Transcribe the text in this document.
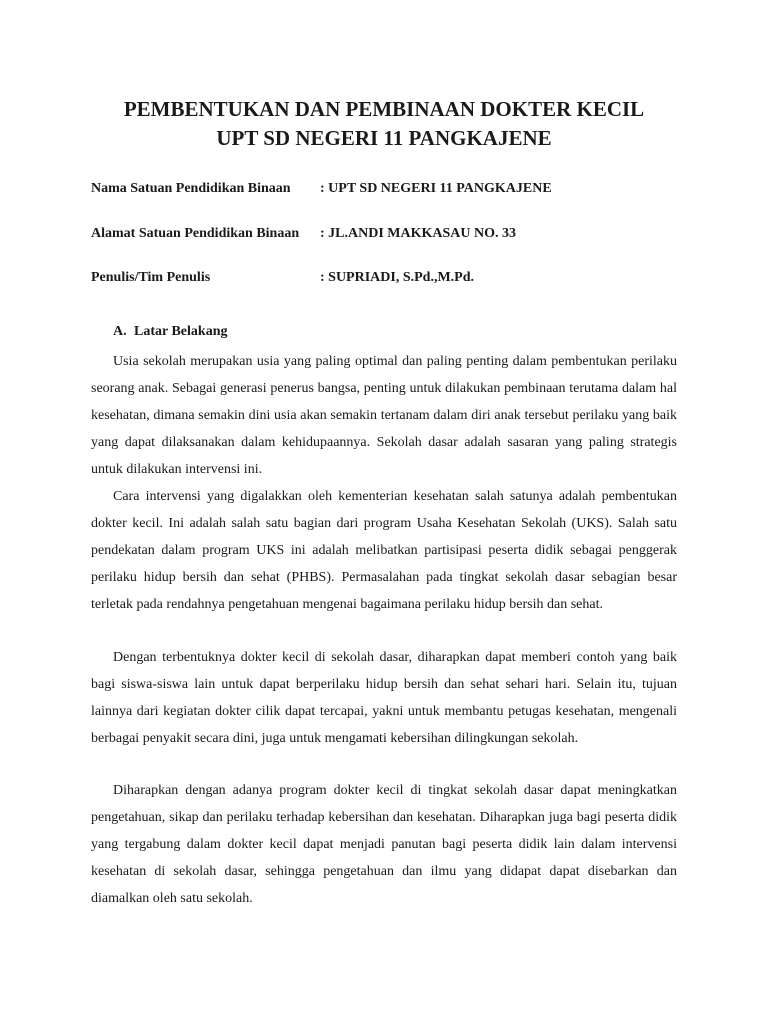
PEMBENTUKAN DAN PEMBINAAN DOKTER KECIL
UPT SD NEGERI 11 PANGKAJENE
Nama Satuan Pendidikan Binaan : UPT SD NEGERI 11 PANGKAJENE
Alamat Satuan Pendidikan Binaan : JL.ANDI MAKKASAU NO. 33
Penulis/Tim Penulis	: SUPRIADI, S.Pd.,M.Pd.
A. Latar Belakang

Usia sekolah merupakan usia yang paling optimal dan paling penting dalam pembentukan perilaku seorang anak. Sebagai generasi penerus bangsa, penting untuk dilakukan pembinaan terutama dalam hal kesehatan, dimana semakin dini usia akan semakin tertanam dalam diri anak tersebut perilaku yang baik yang dapat dilaksanakan dalam kehidupaannya. Sekolah dasar adalah sasaran yang paling strategis untuk dilakukan intervensi ini.

Cara intervensi yang digalakkan oleh kementerian kesehatan salah satunya adalah pembentukan dokter kecil. Ini adalah salah satu bagian dari program Usaha Kesehatan Sekolah (UKS). Salah satu pendekatan dalam program UKS ini adalah melibatkan partisipasi peserta didik sebagai penggerak perilaku hidup bersih dan sehat (PHBS). Permasalahan pada tingkat sekolah dasar sebagian besar terletak pada rendahnya pengetahuan mengenai bagaimana perilaku hidup bersih dan sehat.

Dengan terbentuknya dokter kecil di sekolah dasar, diharapkan dapat memberi contoh yang baik bagi siswa-siswa lain untuk dapat berperilaku hidup bersih dan sehat sehari hari. Selain itu, tujuan lainnya dari kegiatan dokter cilik dapat tercapai, yakni untuk membantu petugas kesehatan, mengenali berbagai penyakit secara dini, juga untuk mengamati kebersihan dilingkungan sekolah.

Diharapkan dengan adanya program dokter kecil di tingkat sekolah dasar dapat meningkatkan pengetahuan, sikap dan perilaku terhadap kebersihan dan kesehatan. Diharapkan juga bagi peserta didik yang tergabung dalam dokter kecil dapat menjadi panutan bagi peserta didik lain dalam intervensi kesehatan di sekolah dasar, sehingga pengetahuan dan ilmu yang didapat dapat disebarkan dan diamalkan oleh satu sekolah.
